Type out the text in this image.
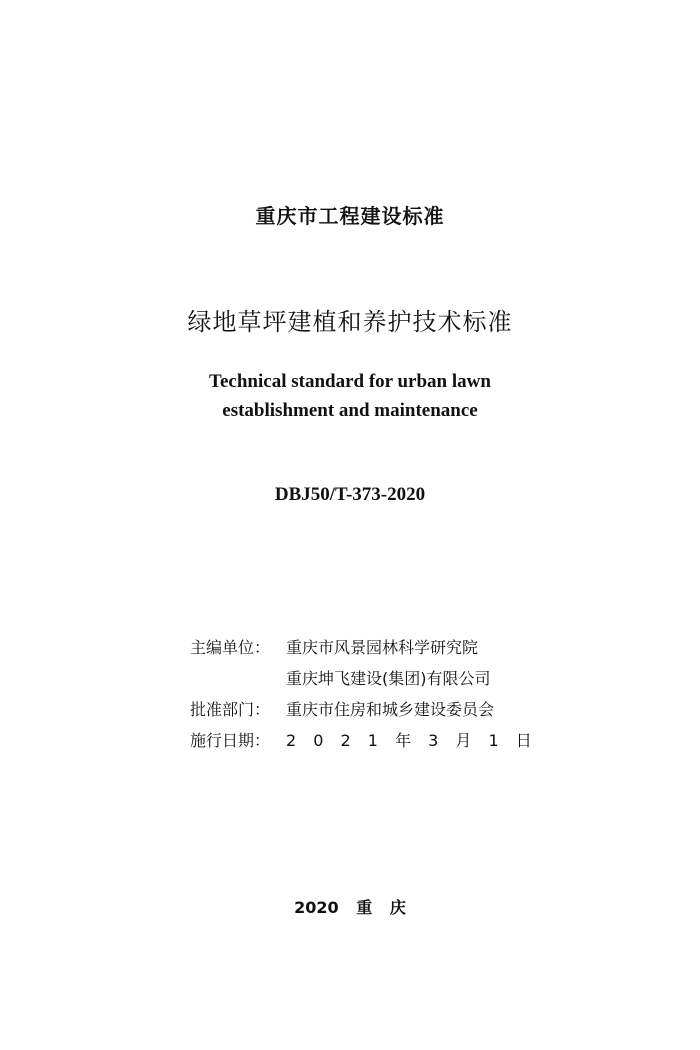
重庆市工程建设标准
绿地草坪建植和养护技术标准
Technical standard for urban lawn
establishment and maintenance
DBJ50/T-373-2020
主编单位： 重庆市风景园林科学研究院
重庆坤飞建设(集团)有限公司
批准部门： 重庆市住房和城乡建设委员会
施行日期： 2 0 2 1 年 3 月 1 日
2020 重 庆
